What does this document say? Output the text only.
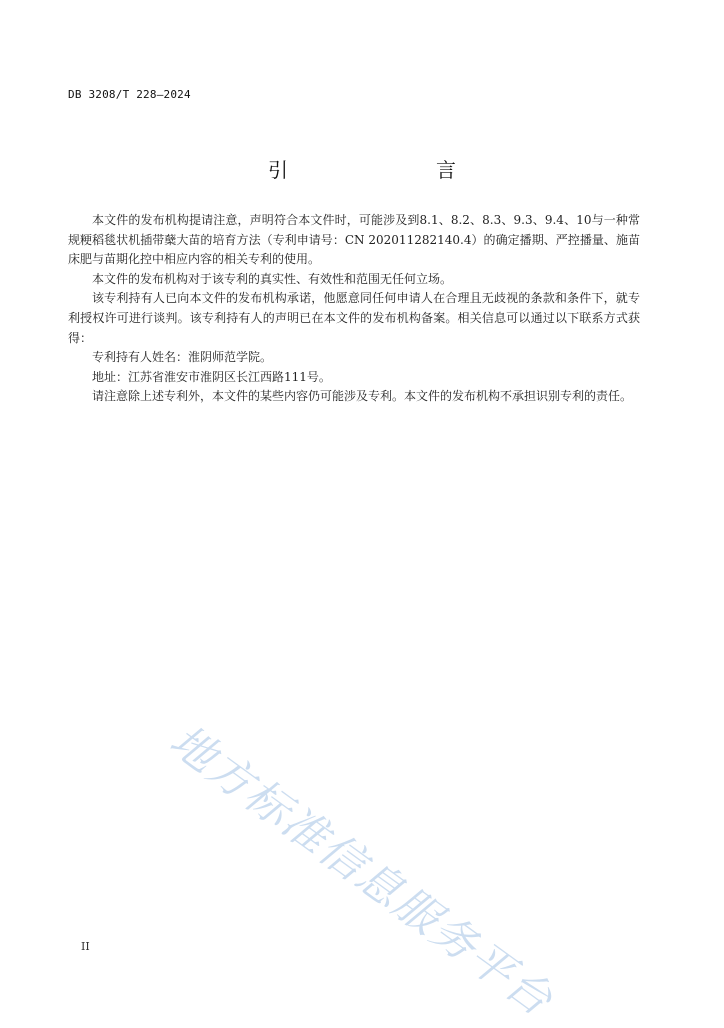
DB 3208/T 228—2024
引　　言

本文件的发布机构提请注意，声明符合本文件时，可能涉及到8.1、8.2、8.3、9.3、9.4、10与一种常规粳稻毯状机插带蘖大苗的培育方法（专利申请号：CN 202011282140.4）的确定播期、严控播量、施苗床肥与苗期化控中相应内容的相关专利的使用。

本文件的发布机构对于该专利的真实性、有效性和范围无任何立场。

该专利持有人已向本文件的发布机构承诺，他愿意同任何申请人在合理且无歧视的条款和条件下，就专利授权许可进行谈判。该专利持有人的声明已在本文件的发布机构备案。相关信息可以通过以下联系方式获得：

专利持有人姓名：淮阴师范学院。

地址：江苏省淮安市淮阴区长江西路111号。

请注意除上述专利外，本文件的某些内容仍可能涉及专利。本文件的发布机构不承担识别专利的责任。

地方标准信息服务平台
II
